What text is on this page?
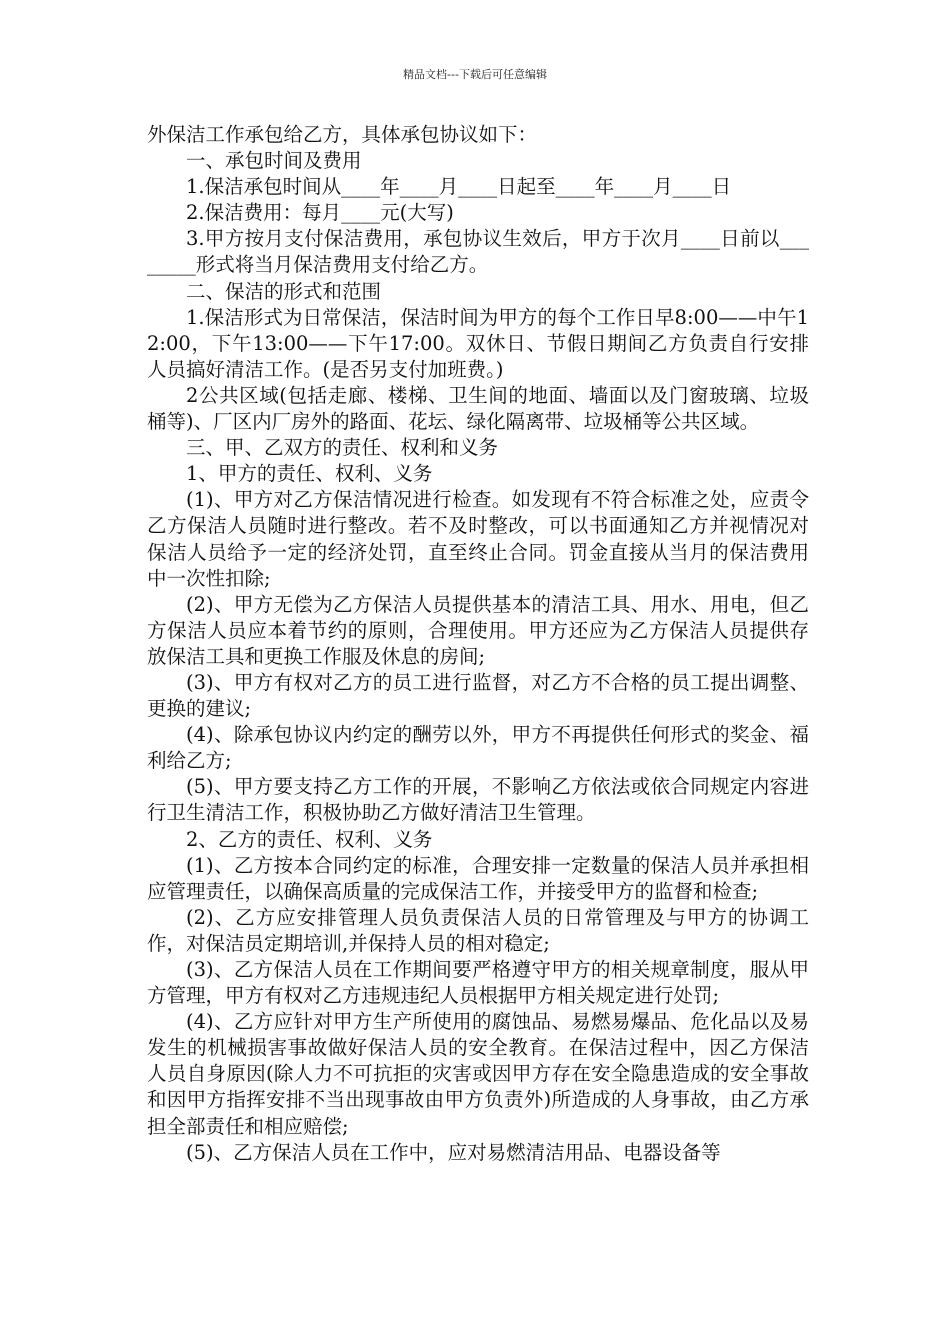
精品文档---下载后可任意编辑

外保洁工作承包给乙方，具体承包协议如下：

一、承包时间及费用

1.保洁承包时间从____年____月____日起至____年____月____日

2.保洁费用：每月____元(大写)

3.甲方按月支付保洁费用，承包协议生效后，甲方于次月____日前以________形式将当月保洁费用支付给乙方。

二、保洁的形式和范围

1.保洁形式为日常保洁，保洁时间为甲方的每个工作日早8:00——中午12:00，下午13:00——下午17:00。双休日、节假日期间乙方负责自行安排人员搞好清洁工作。(是否另支付加班费。)

2公共区域(包括走廊、楼梯、卫生间的地面、墙面以及门窗玻璃、垃圾桶等)、厂区内厂房外的路面、花坛、绿化隔离带、垃圾桶等公共区域。

三、甲、乙双方的责任、权利和义务

1、甲方的责任、权利、义务

(1)、甲方对乙方保洁情况进行检查。如发现有不符合标准之处，应责令乙方保洁人员随时进行整改。若不及时整改，可以书面通知乙方并视情况对保洁人员给予一定的经济处罚，直至终止合同。罚金直接从当月的保洁费用中一次性扣除;

(2)、甲方无偿为乙方保洁人员提供基本的清洁工具、用水、用电，但乙方保洁人员应本着节约的原则，合理使用。甲方还应为乙方保洁人员提供存放保洁工具和更换工作服及休息的房间;

(3)、甲方有权对乙方的员工进行监督，对乙方不合格的员工提出调整、更换的建议;

(4)、除承包协议内约定的酬劳以外，甲方不再提供任何形式的奖金、福利给乙方;

(5)、甲方要支持乙方工作的开展，不影响乙方依法或依合同规定内容进行卫生清洁工作，积极协助乙方做好清洁卫生管理。

2、乙方的责任、权利、义务

(1)、乙方按本合同约定的标准，合理安排一定数量的保洁人员并承担相应管理责任，以确保高质量的完成保洁工作，并接受甲方的监督和检查;

(2)、乙方应安排管理人员负责保洁人员的日常管理及与甲方的协调工作，对保洁员定期培训,并保持人员的相对稳定;

(3)、乙方保洁人员在工作期间要严格遵守甲方的相关规章制度，服从甲方管理，甲方有权对乙方违规违纪人员根据甲方相关规定进行处罚;

(4)、乙方应针对甲方生产所使用的腐蚀品、易燃易爆品、危化品以及易发生的机械损害事故做好保洁人员的安全教育。在保洁过程中，因乙方保洁人员自身原因(除人力不可抗拒的灾害或因甲方存在安全隐患造成的安全事故和因甲方指挥安排不当出现事故由甲方负责外)所造成的人身事故，由乙方承担全部责任和相应赔偿;

(5)、乙方保洁人员在工作中，应对易燃清洁用品、电器设备等
